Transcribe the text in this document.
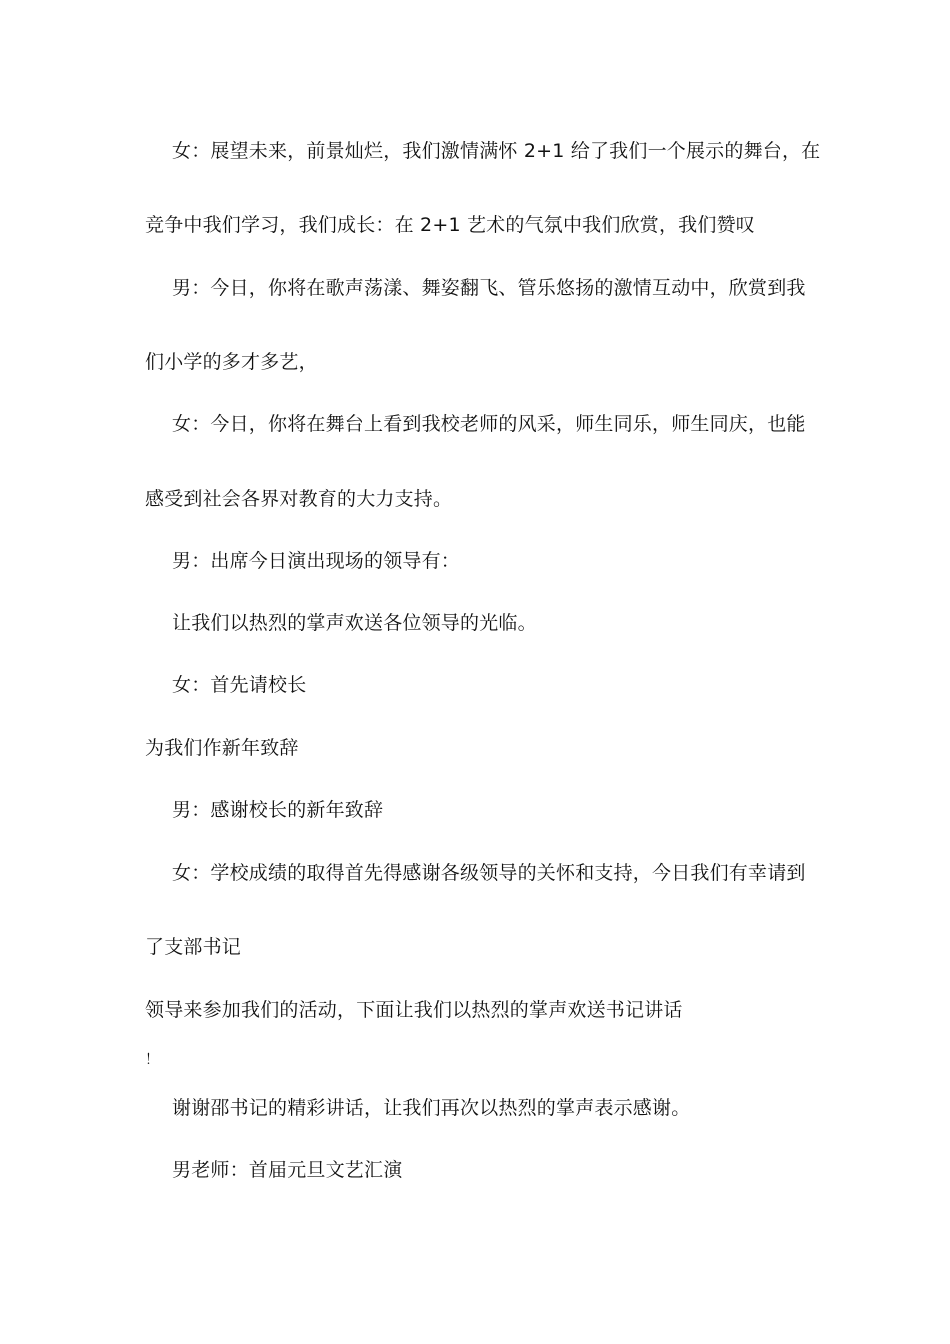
女：展望未来，前景灿烂，我们激情满怀 2+1 给了我们一个展示的舞台，在
竞争中我们学习，我们成长：在 2+1 艺术的气氛中我们欣赏，我们赞叹
男：今日，你将在歌声荡漾、舞姿翻飞、管乐悠扬的激情互动中，欣赏到我
们小学的多才多艺，
女：今日，你将在舞台上看到我校老师的风采，师生同乐，师生同庆，也能
感受到社会各界对教育的大力支持。
男：出席今日演出现场的领导有：
让我们以热烈的掌声欢送各位领导的光临。
女：首先请校长
为我们作新年致辞
男：感谢校长的新年致辞
女：学校成绩的取得首先得感谢各级领导的关怀和支持，今日我们有幸请到
了支部书记
领导来参加我们的活动，下面让我们以热烈的掌声欢送书记讲话
！
谢谢邵书记的精彩讲话，让我们再次以热烈的掌声表示感谢。
男老师：首届元旦文艺汇演
